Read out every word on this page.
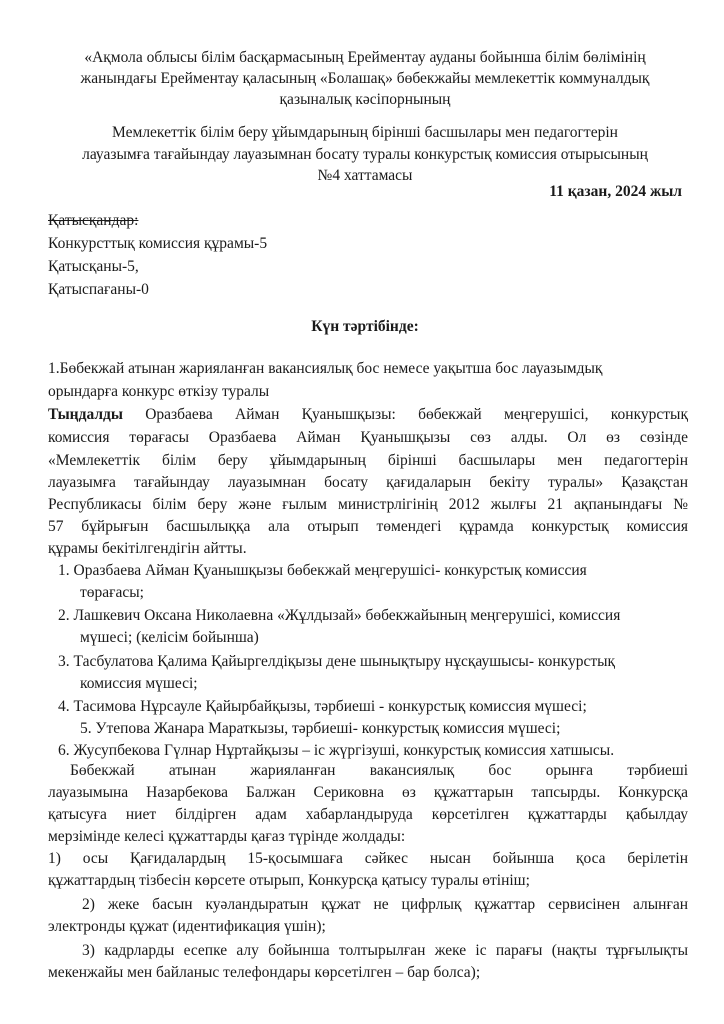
«Ақмола облысы білім басқармасының Ерейментау ауданы бойынша білім бөлімінің

жанындағы Ерейментау қаласының «Болашақ» бөбекжайы мемлекеттік коммуналдық

қазыналық кәсіпорнының

Мемлекеттік білім беру ұйымдарының бірінші басшылары мен педагогтерін

лауазымға тағайындау лауазымнан босату туралы конкурстық комиссия отырысының

№4 хаттамасы

11 қазан, 2024 жыл

Қатысқандар:

Конкурсттық комиссия құрамы-5

Қатысқаны-5,

Қатыспағаны-0

Күн тәртібінде:

1.Бөбекжай атынан жарияланған вакансиялық бос немесе уақытша бос лауазымдық

орындарға конкурс өткізу туралы

Тыңдалды Оразбаева Айман Қуанышқызы: бөбекжай меңгерушісі, конкурстық

комиссия төрағасы Оразбаева Айман Қуанышқызы сөз алды. Ол өз сөзінде

«Мемлекеттік білім беру ұйымдарының бірінші басшылары мен педагогтерін

лауазымға тағайындау лауазымнан босату қағидаларын бекіту туралы» Қазақстан

Республикасы білім беру және ғылым министрлігінің 2012 жылғы 21 ақпанындағы №

57 бұйрығын басшылыққа ала отырып төмендегі құрамда конкурстық комиссия

құрамы бекітілгендігін айтты.

1. Оразбаева Айман Қуанышқызы бөбекжай меңгерушісі- конкурстық комиссия

төрағасы;

2. Лашкевич Оксана Николаевна «Жұлдызай» бөбекжайының меңгерушісі, комиссия

мүшесі; (келісім бойынша)

3. Тасбулатова Қалима Қайыргелдіқызы дене шынықтыру нұсқаушысы- конкурстық

комиссия мүшесі;

4. Тасимова Нұрсауле Қайырбайқызы, тәрбиеші - конкурстық комиссия мүшесі;

5. Утепова Жанара Мараткызы, тәрбиеші- конкурстық комиссия мүшесі;

6. Жусупбекова Гүлнар Нұртайқызы – іс жүргізуші, конкурстық комиссия хатшысы.

Бөбекжай атынан жарияланған вакансиялық бос орынға тәрбиеші

лауазымына Назарбекова Балжан Сериковна өз құжаттарын тапсырды. Конкурсқа

қатысуға ниет білдірген адам хабарландыруда көрсетілген құжаттарды қабылдау

мерзімінде келесі құжаттарды қағаз түрінде жолдады:

1) осы Қағидалардың 15-қосымшаға сәйкес нысан бойынша қоса берілетін

құжаттардың тізбесін көрсете отырып, Конкурсқа қатысу туралы өтініш;

2) жеке басын куәландыратын құжат не цифрлық құжаттар сервисінен алынған

электронды құжат (идентификация үшін);

3) кадрларды есепке алу бойынша толтырылған жеке іс парағы (нақты тұрғылықты

мекенжайы мен байланыс телефондары көрсетілген – бар болса);
